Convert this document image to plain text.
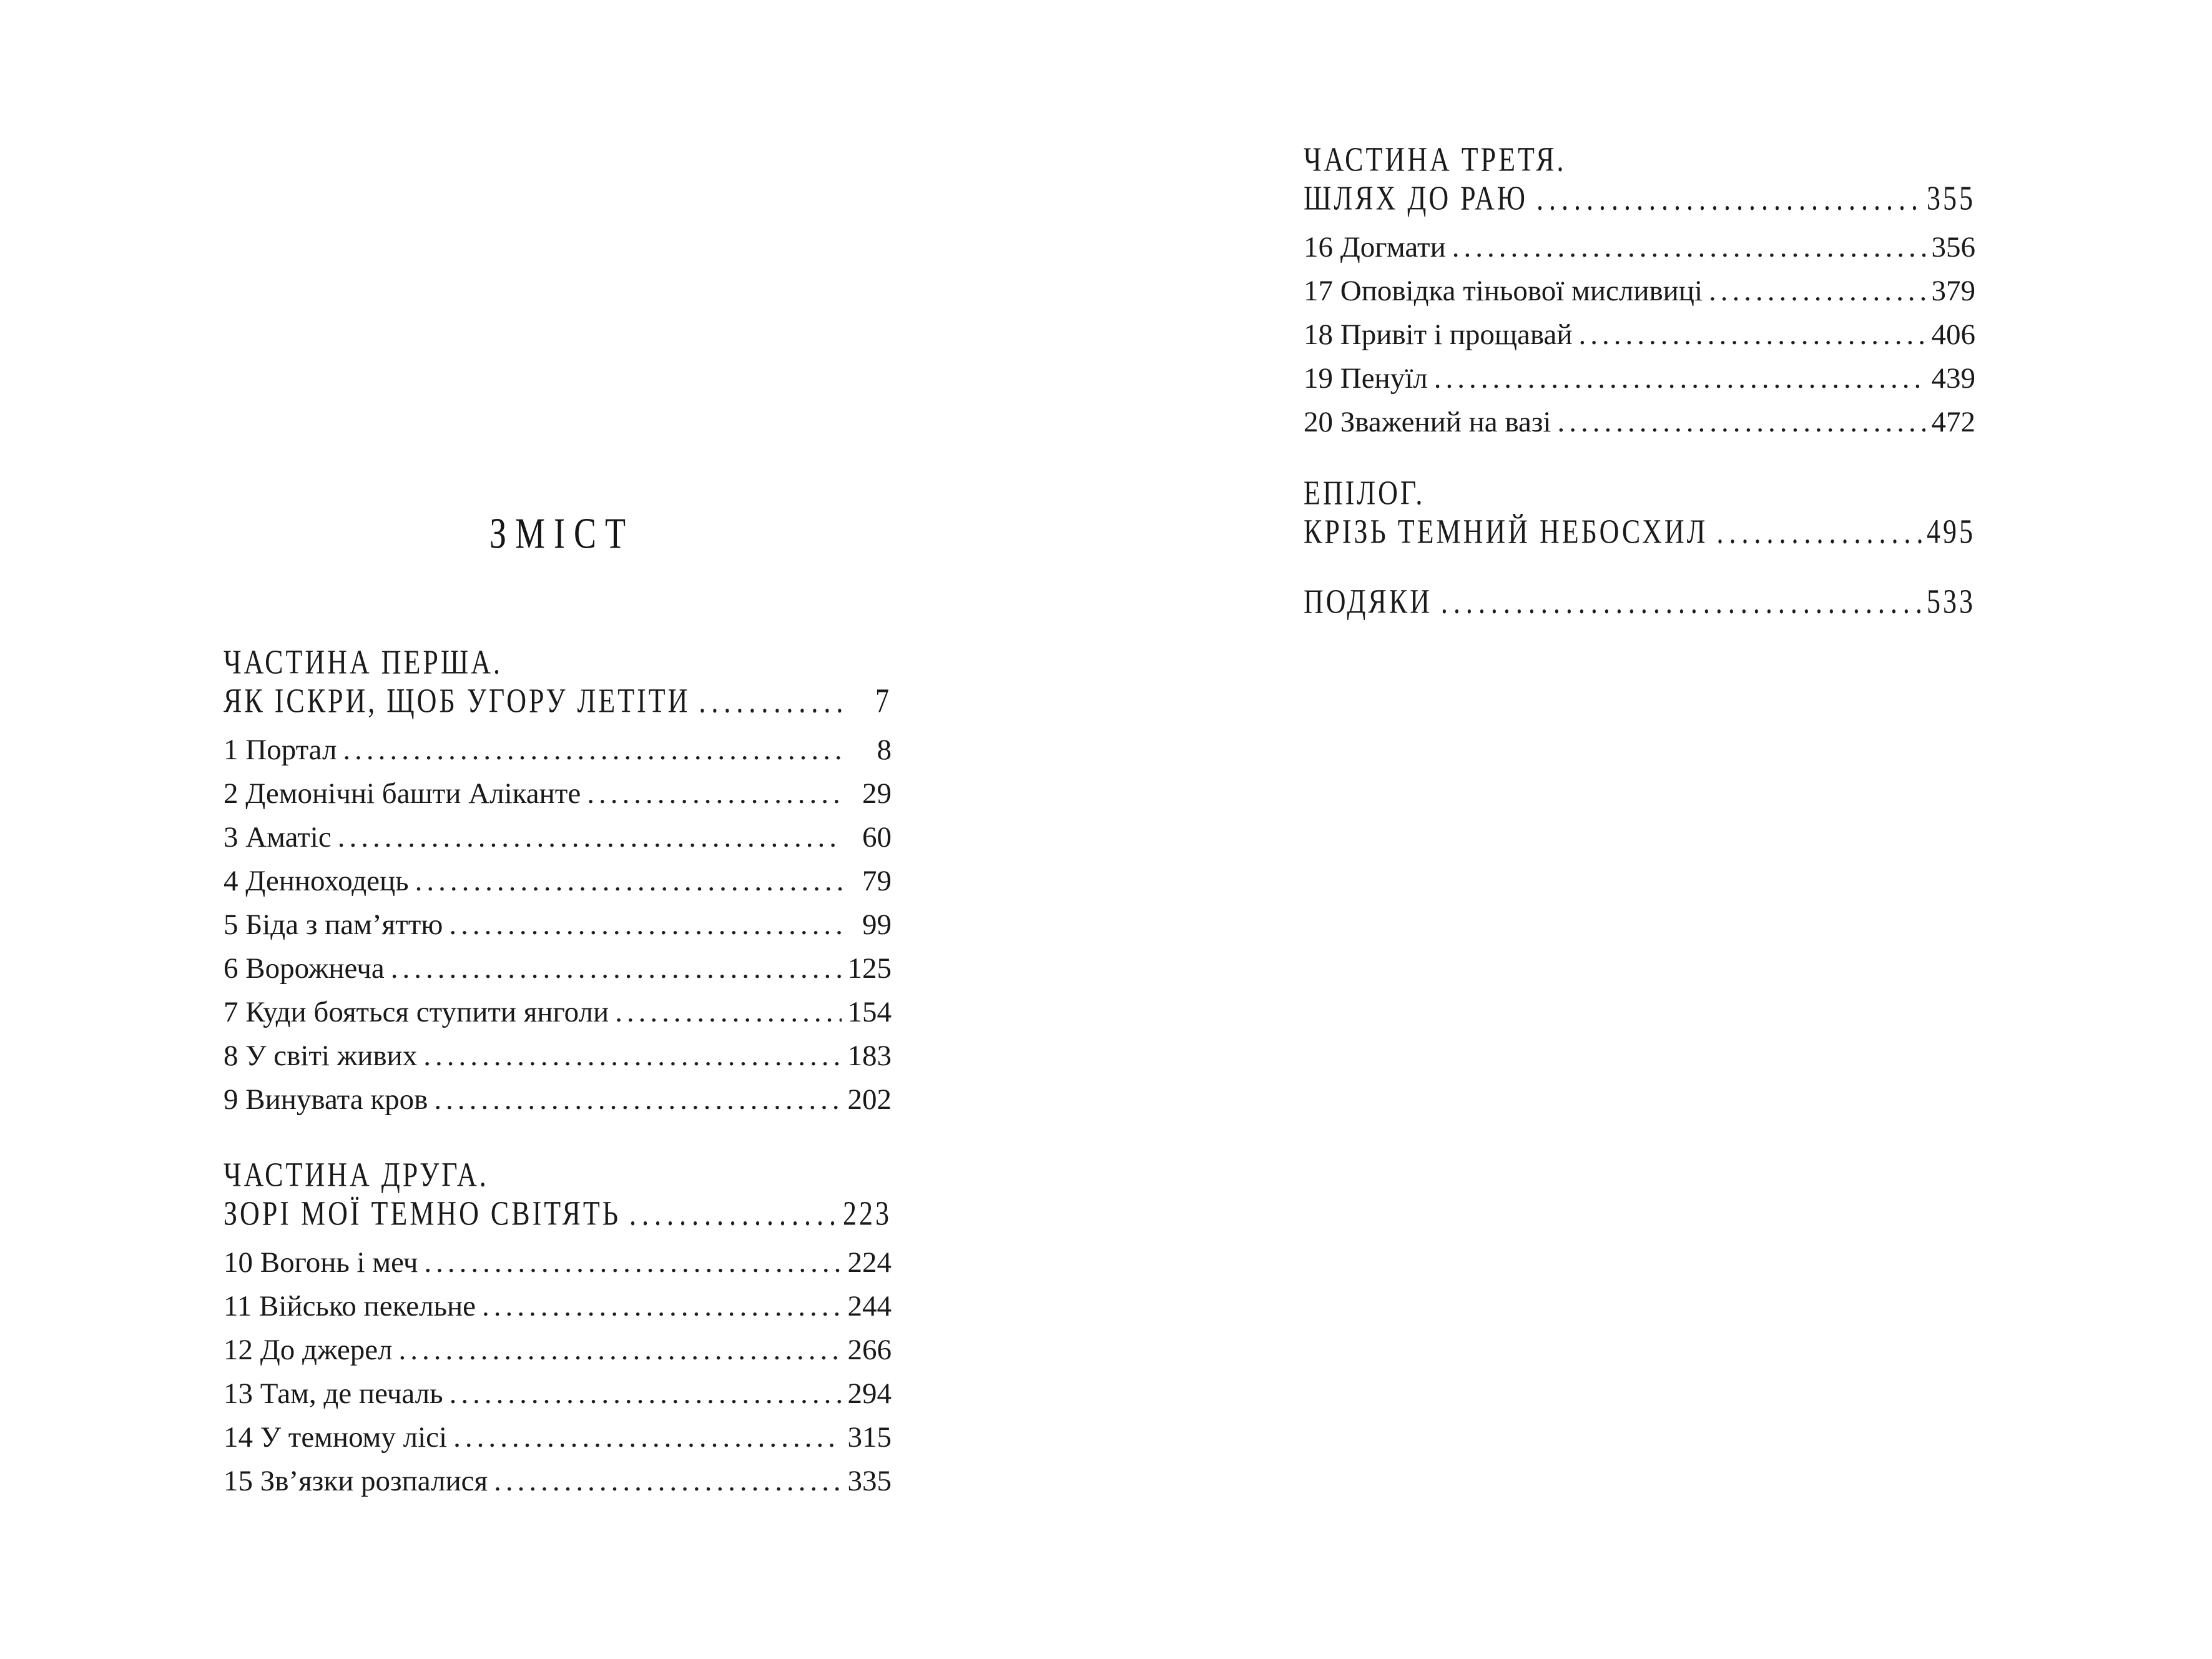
ЗМІСТ
ЧАСТИНА ПЕРША.
ЯК ІСКРИ, ЩОБ УГОРУ ЛЕТІТИ .....	7
1 Портал .....	8
2 Демонічні башти Аліканте .....	29
3 Аматіс .....	60
4 Денноходець .....	79
5 Біда з пам’яттю .....	99
6 Ворожнеча .....	125
7 Куди бояться ступити янголи .....	154
8 У світі живих .....	183
9 Винувата кров .....	202
ЧАСТИНА ДРУГА.
ЗОРІ МОЇ ТЕМНО СВІТЯТЬ .....	223
10 Вогонь і меч .....	224
11 Військо пекельне .....	244
12 До джерел .....	266
13 Там, де печаль .....	294
14 У темному лісі .....	315
15 Зв’язки розпалися .....	335
ЧАСТИНА ТРЕТЯ.
ШЛЯХ ДО РАЮ .....	355
16 Догмати .....	356
17 Оповідка тіньової мисливиці .....	379
18 Привіт і прощавай .....	406
19 Пенуїл .....	439
20 Зважений на вазі .....	472
ЕПІЛОГ.
КРІЗЬ ТЕМНИЙ НЕБОСХИЛ .....	495
ПОДЯКИ .....	533
